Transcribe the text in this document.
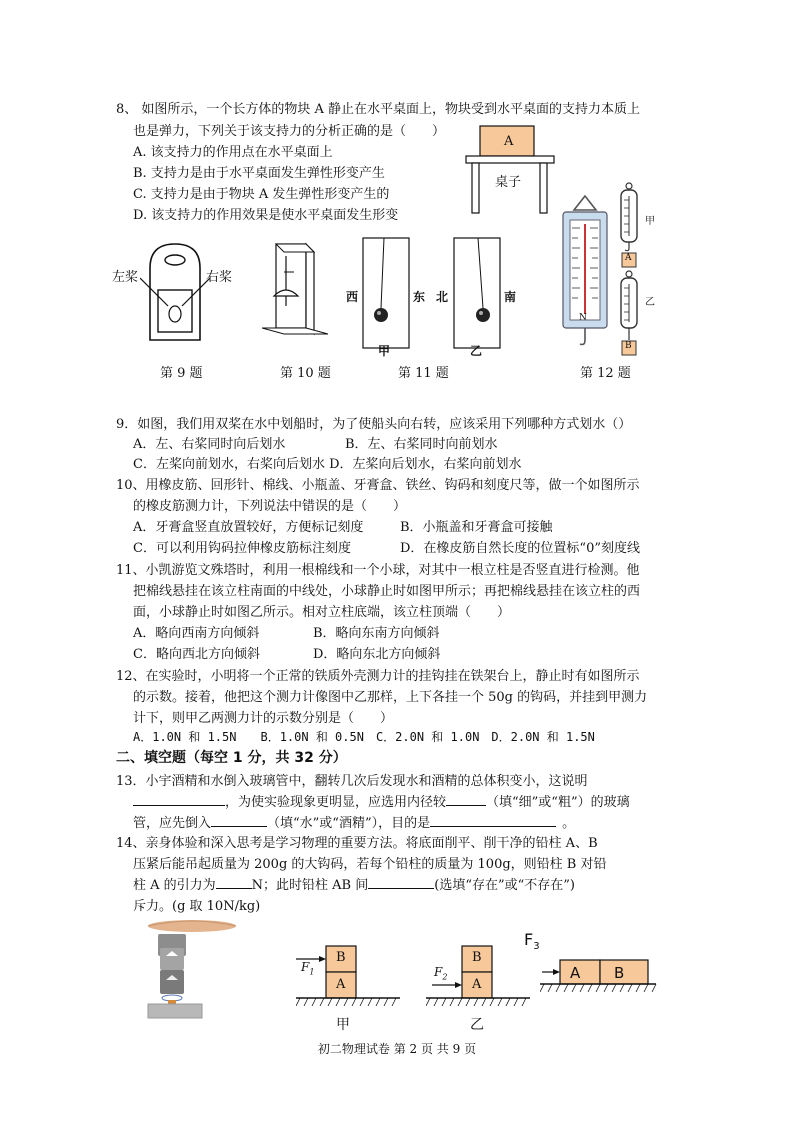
8、 如图所示，一个长方体的物块 A 静止在水平桌面上，物块受到水平桌面的支持力本质上
也是弹力，下列关于该支持力的分析正确的是（　　）
A. 该支持力的作用点在水平桌面上
B. 支持力是由于水平桌面发生弹性形变产生
C. 支持力是由于物块 A 发生弹性形变产生的
D. 该支持力的作用效果是使水平桌面发生形变
A
桌子
左桨	右桨
第 9 题	第 10 题
西	东 北	南
甲	乙
第 11 题
N
甲
A
乙
B
第 12 题
9．如图，我们用双桨在水中划船时，为了使船头向右转，应该采用下列哪种方式划水（）
A．左、右桨同时向后划水	B．左、右桨同时向前划水
C．左桨向前划水，右桨向后划水 D．左桨向后划水，右桨向前划水
10、用橡皮筋、回形针、棉线、小瓶盖、牙膏盒、铁丝、钩码和刻度尺等，做一个如图所示
的橡皮筋测力计，下列说法中错误的是（　　）
A．牙膏盒竖直放置较好，方便标记刻度	B．小瓶盖和牙膏盒可接触
C．可以利用钩码拉伸橡皮筋标注刻度	D．在橡皮筋自然长度的位置标“0”刻度线
11、小凯游览文殊塔时，利用一根棉线和一个小球，对其中一根立柱是否竖直进行检测。他
把棉线悬挂在该立柱南面的中线处，小球静止时如图甲所示；再把棉线悬挂在该立柱的西
面，小球静止时如图乙所示。相对立柱底端，该立柱顶端（　　）
A．略向西南方向倾斜	B．略向东南方向倾斜
C．略向西北方向倾斜	D．略向东北方向倾斜
12、在实验时，小明将一个正常的铁质外壳测力计的挂钩挂在铁架台上，静止时有如图所示
的示数。接着，他把这个测力计像图中乙那样，上下各挂一个 50g 的钩码，并挂到甲测力
计下，则甲乙两测力计的示数分别是（　　）
A．1.0N 和 1.5N　　B．1.0N 和 0.5N　C．2.0N 和 1.0N　D．2.0N 和 1.5N
二、填空题（每空 1 分，共 32 分）
13．小宇酒精和水倒入玻璃管中，翻转几次后发现水和酒精的总体积变小，这说明
，为使实验现象更明显，应选用内径较	（填“细”或“粗”）的玻璃
管，应先倒入	（填“水”或“酒精”），目的是	。
14、亲身体验和深入思考是学习物理的重要方法。将底面削平、削干净的铅柱 A、B
压紧后能吊起质量为 200g 的大钩码，若每个铅柱的质量为 100g，则铅柱 B 对铅
柱 A 的引力为	N；此时铅柱 AB 间	(选填“存在”或“不存在”)
斥力。(g 取 10N/kg)
B
A
$F_1$
甲
B
A
$F_2$
乙
A B
$F_3$
初二物理试卷 第 2 页 共 9 页
